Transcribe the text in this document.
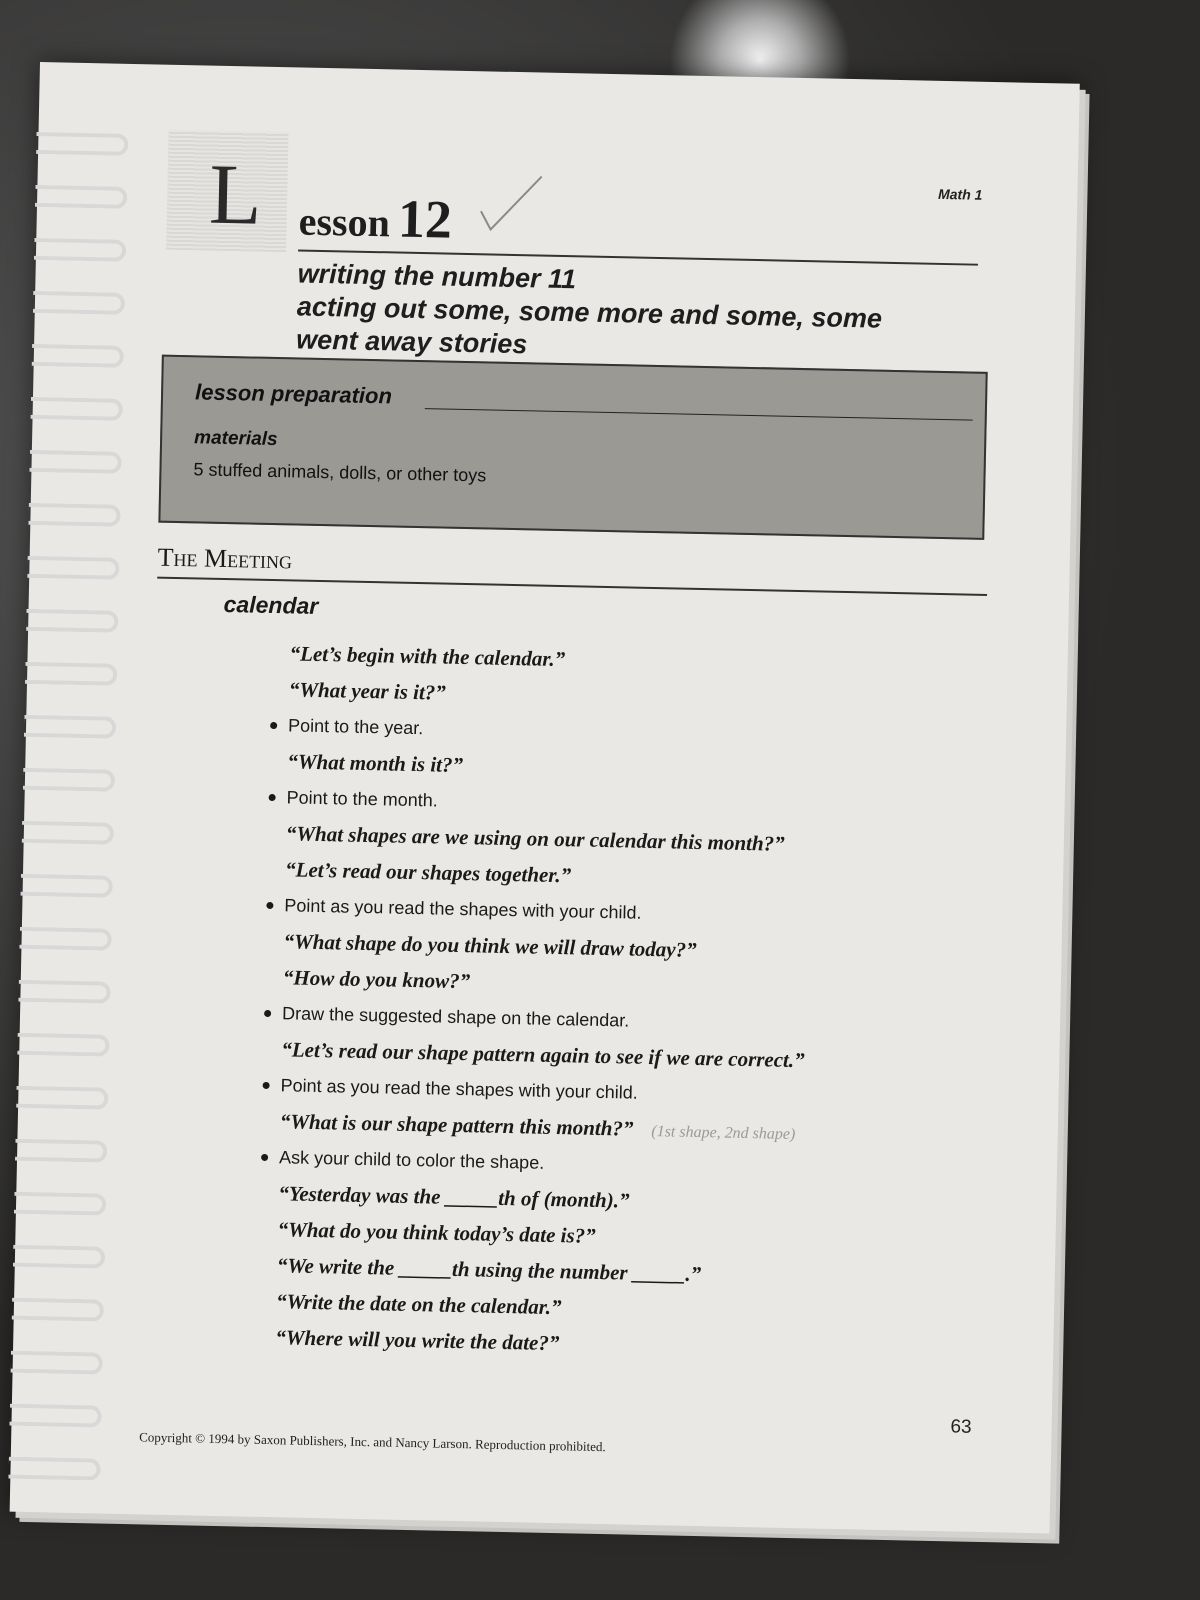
Math 1
L esson 12
writing the number 11
acting out some, some more and some, some
went away stories
lesson preparation
materials
5 stuffed animals, dolls, or other toys
The Meeting
calendar
“Let’s begin with the calendar.”
“What year is it?”
Point to the year.
“What month is it?”
Point to the month.
“What shapes are we using on our calendar this month?”
“Let’s read our shapes together.”
Point as you read the shapes with your child.
“What shape do you think we will draw today?”
“How do you know?”
Draw the suggested shape on the calendar.
“Let’s read our shape pattern again to see if we are correct.”
Point as you read the shapes with your child.
“What is our shape pattern this month?” (1st shape, 2nd shape)
Ask your child to color the shape.
“Yesterday was the _____th of (month).”
“What do you think today’s date is?”
“We write the _____th using the number _____.”
“Write the date on the calendar.”
“Where will you write the date?”
Copyright © 1994 by Saxon Publishers, Inc. and Nancy Larson. Reproduction prohibited.
63
